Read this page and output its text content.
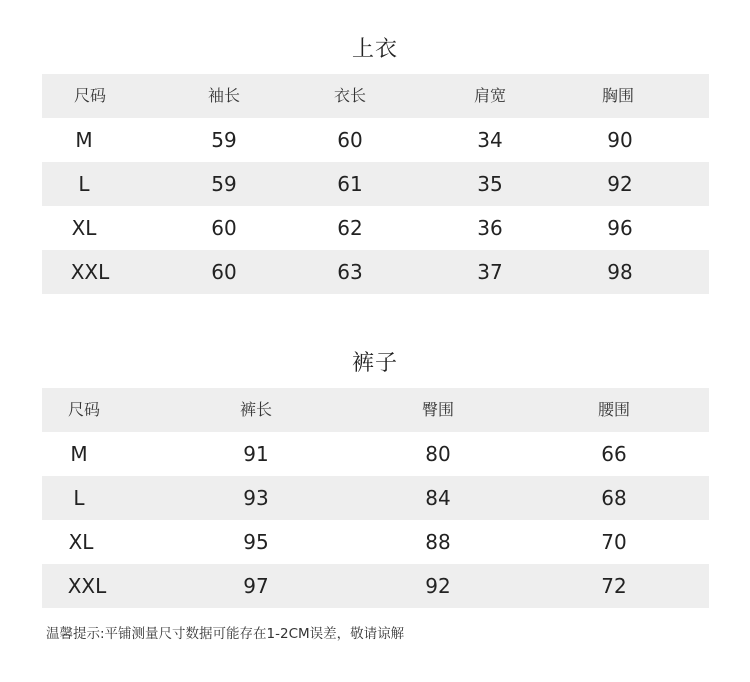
上衣
尺码	袖长	衣长	肩宽	胸围
M	59	60	34	90
L	59	61	35	92
XL	60	62	36	96
XXL	60	63	37	98
裤子
尺码	裤长	臀围	腰围
M	91	80	66
L	93	84	68
XL	95	88	70
XXL	97	92	72
温馨提示:平铺测量尺寸数据可能存在1-2CM误差，敬请谅解
